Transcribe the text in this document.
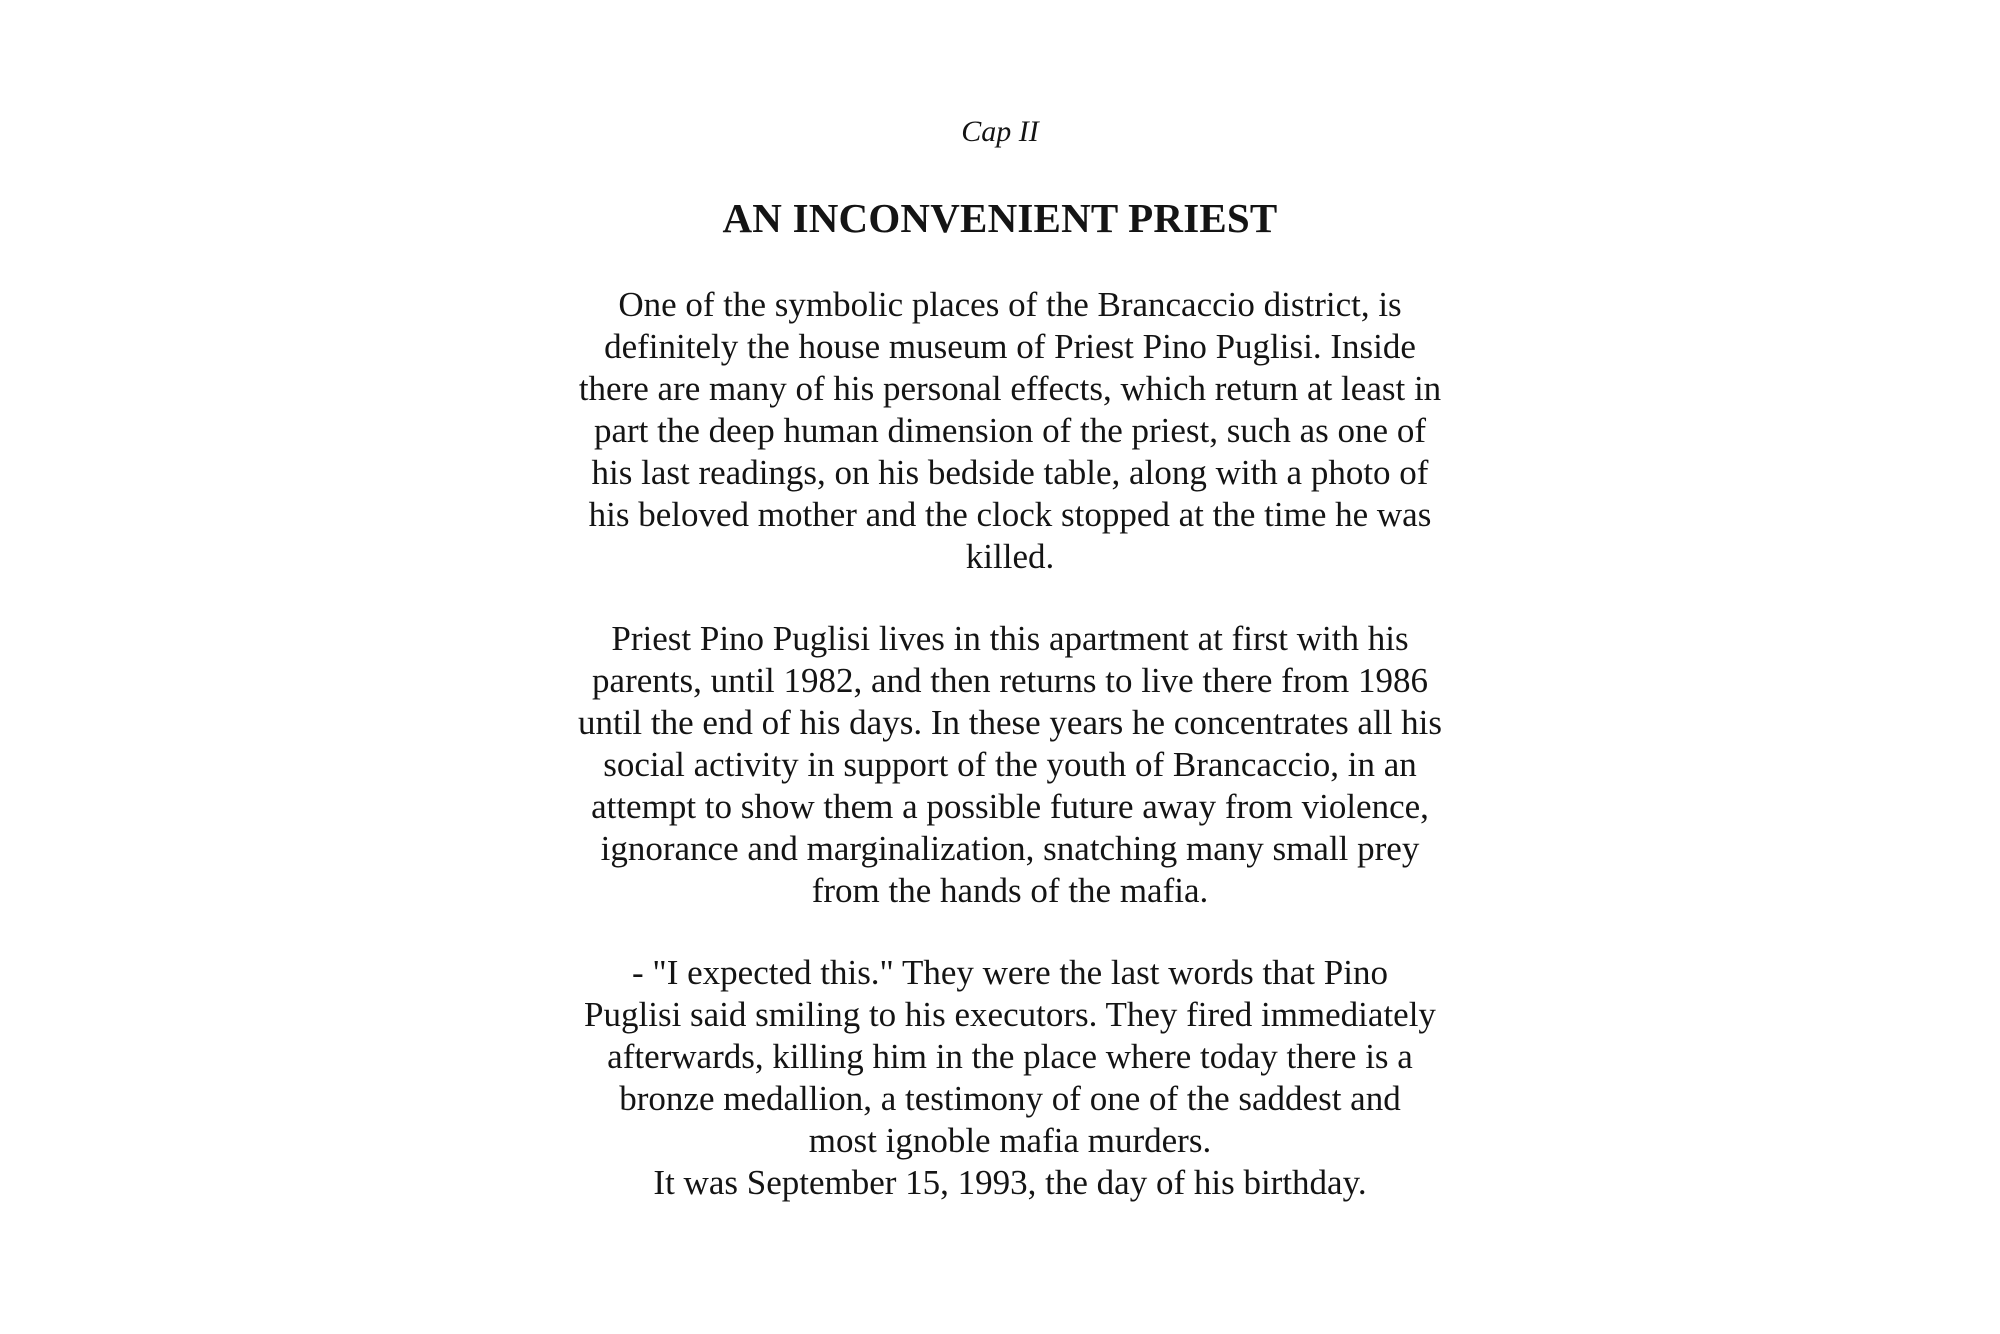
Cap II
AN INCONVENIENT PRIEST

One of the symbolic places of the Brancaccio district, is
definitely the house museum of Priest Pino Puglisi. Inside
there are many of his personal effects, which return at least in
part the deep human dimension of the priest, such as one of
his last readings, on his bedside table, along with a photo of
his beloved mother and the clock stopped at the time he was
killed.

Priest Pino Puglisi lives in this apartment at first with his
parents, until 1982, and then returns to live there from 1986
until the end of his days. In these years he concentrates all his
social activity in support of the youth of Brancaccio, in an
attempt to show them a possible future away from violence,
ignorance and marginalization, snatching many small prey
from the hands of the mafia.

- "I expected this." They were the last words that Pino
Puglisi said smiling to his executors. They fired immediately
afterwards, killing him in the place where today there is a
bronze medallion, a testimony of one of the saddest and
most ignoble mafia murders.
It was September 15, 1993, the day of his birthday.
